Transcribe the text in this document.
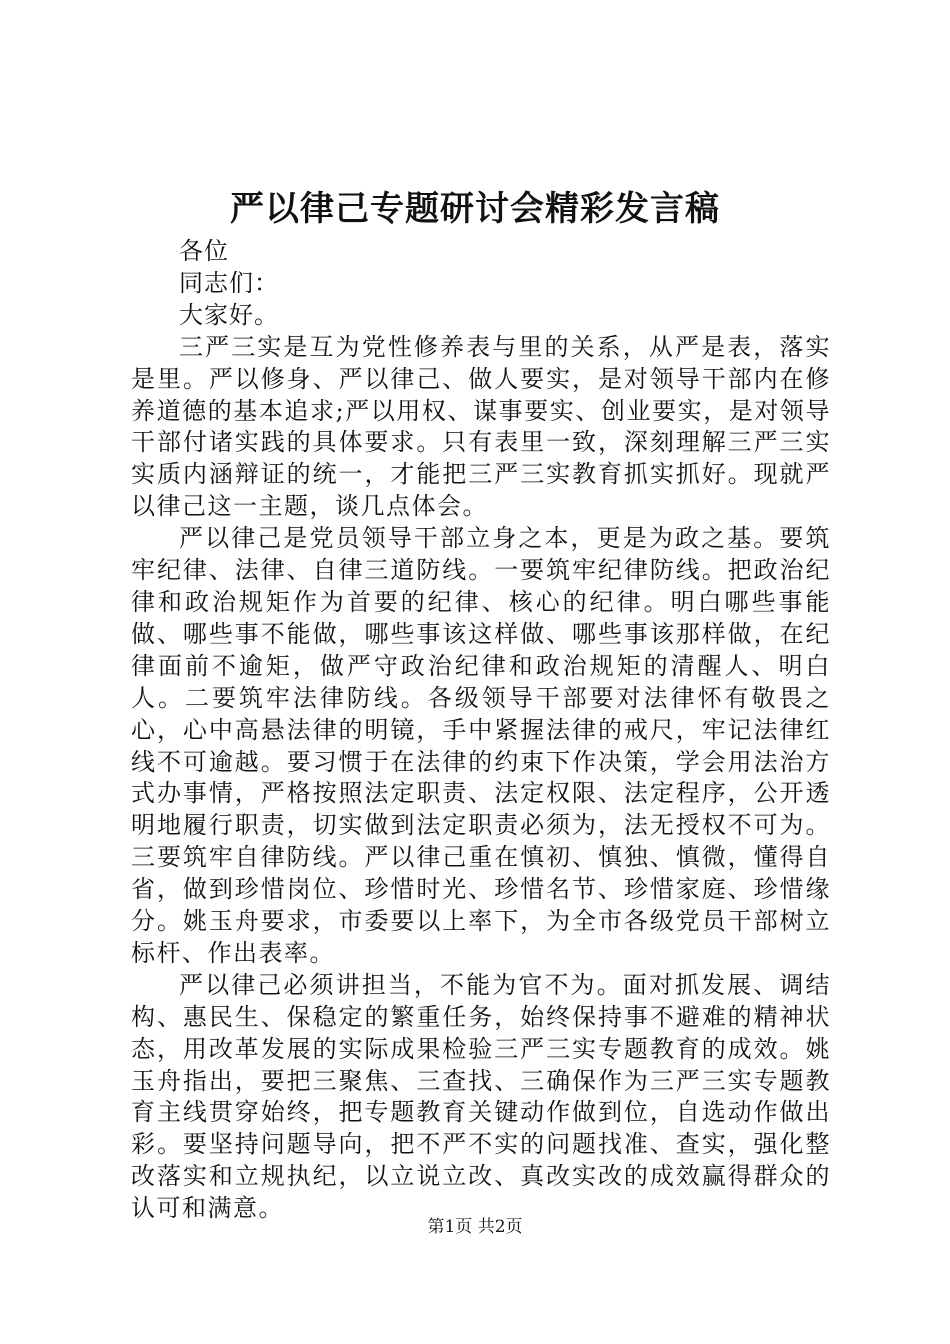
严以律己专题研讨会精彩发言稿

各位

同志们：

大家好。

三严三实是互为党性修养表与里的关系，从严是表，落实是里。严以修身、严以律己、做人要实，是对领导干部内在修养道德的基本追求;严以用权、谋事要实、创业要实，是对领导干部付诸实践的具体要求。只有表里一致，深刻理解三严三实实质内涵辩证的统一，才能把三严三实教育抓实抓好。现就严以律己这一主题，谈几点体会。

严以律己是党员领导干部立身之本，更是为政之基。要筑牢纪律、法律、自律三道防线。一要筑牢纪律防线。把政治纪律和政治规矩作为首要的纪律、核心的纪律。明白哪些事能做、哪些事不能做，哪些事该这样做、哪些事该那样做，在纪律面前不逾矩，做严守政治纪律和政治规矩的清醒人、明白人。二要筑牢法律防线。各级领导干部要对法律怀有敬畏之心，心中高悬法律的明镜，手中紧握法律的戒尺，牢记法律红线不可逾越。要习惯于在法律的约束下作决策，学会用法治方式办事情，严格按照法定职责、法定权限、法定程序，公开透明地履行职责，切实做到法定职责必须为，法无授权不可为。三要筑牢自律防线。严以律己重在慎初、慎独、慎微，懂得自省，做到珍惜岗位、珍惜时光、珍惜名节、珍惜家庭、珍惜缘分。姚玉舟要求，市委要以上率下，为全市各级党员干部树立标杆、作出表率。

严以律己必须讲担当，不能为官不为。面对抓发展、调结构、惠民生、保稳定的繁重任务，始终保持事不避难的精神状态，用改革发展的实际成果检验三严三实专题教育的成效。姚玉舟指出，要把三聚焦、三查找、三确保作为三严三实专题教育主线贯穿始终，把专题教育关键动作做到位，自选动作做出彩。要坚持问题导向，把不严不实的问题找准、查实，强化整改落实和立规执纪，以立说立改、真改实改的成效赢得群众的认可和满意。

第1页 共2页
